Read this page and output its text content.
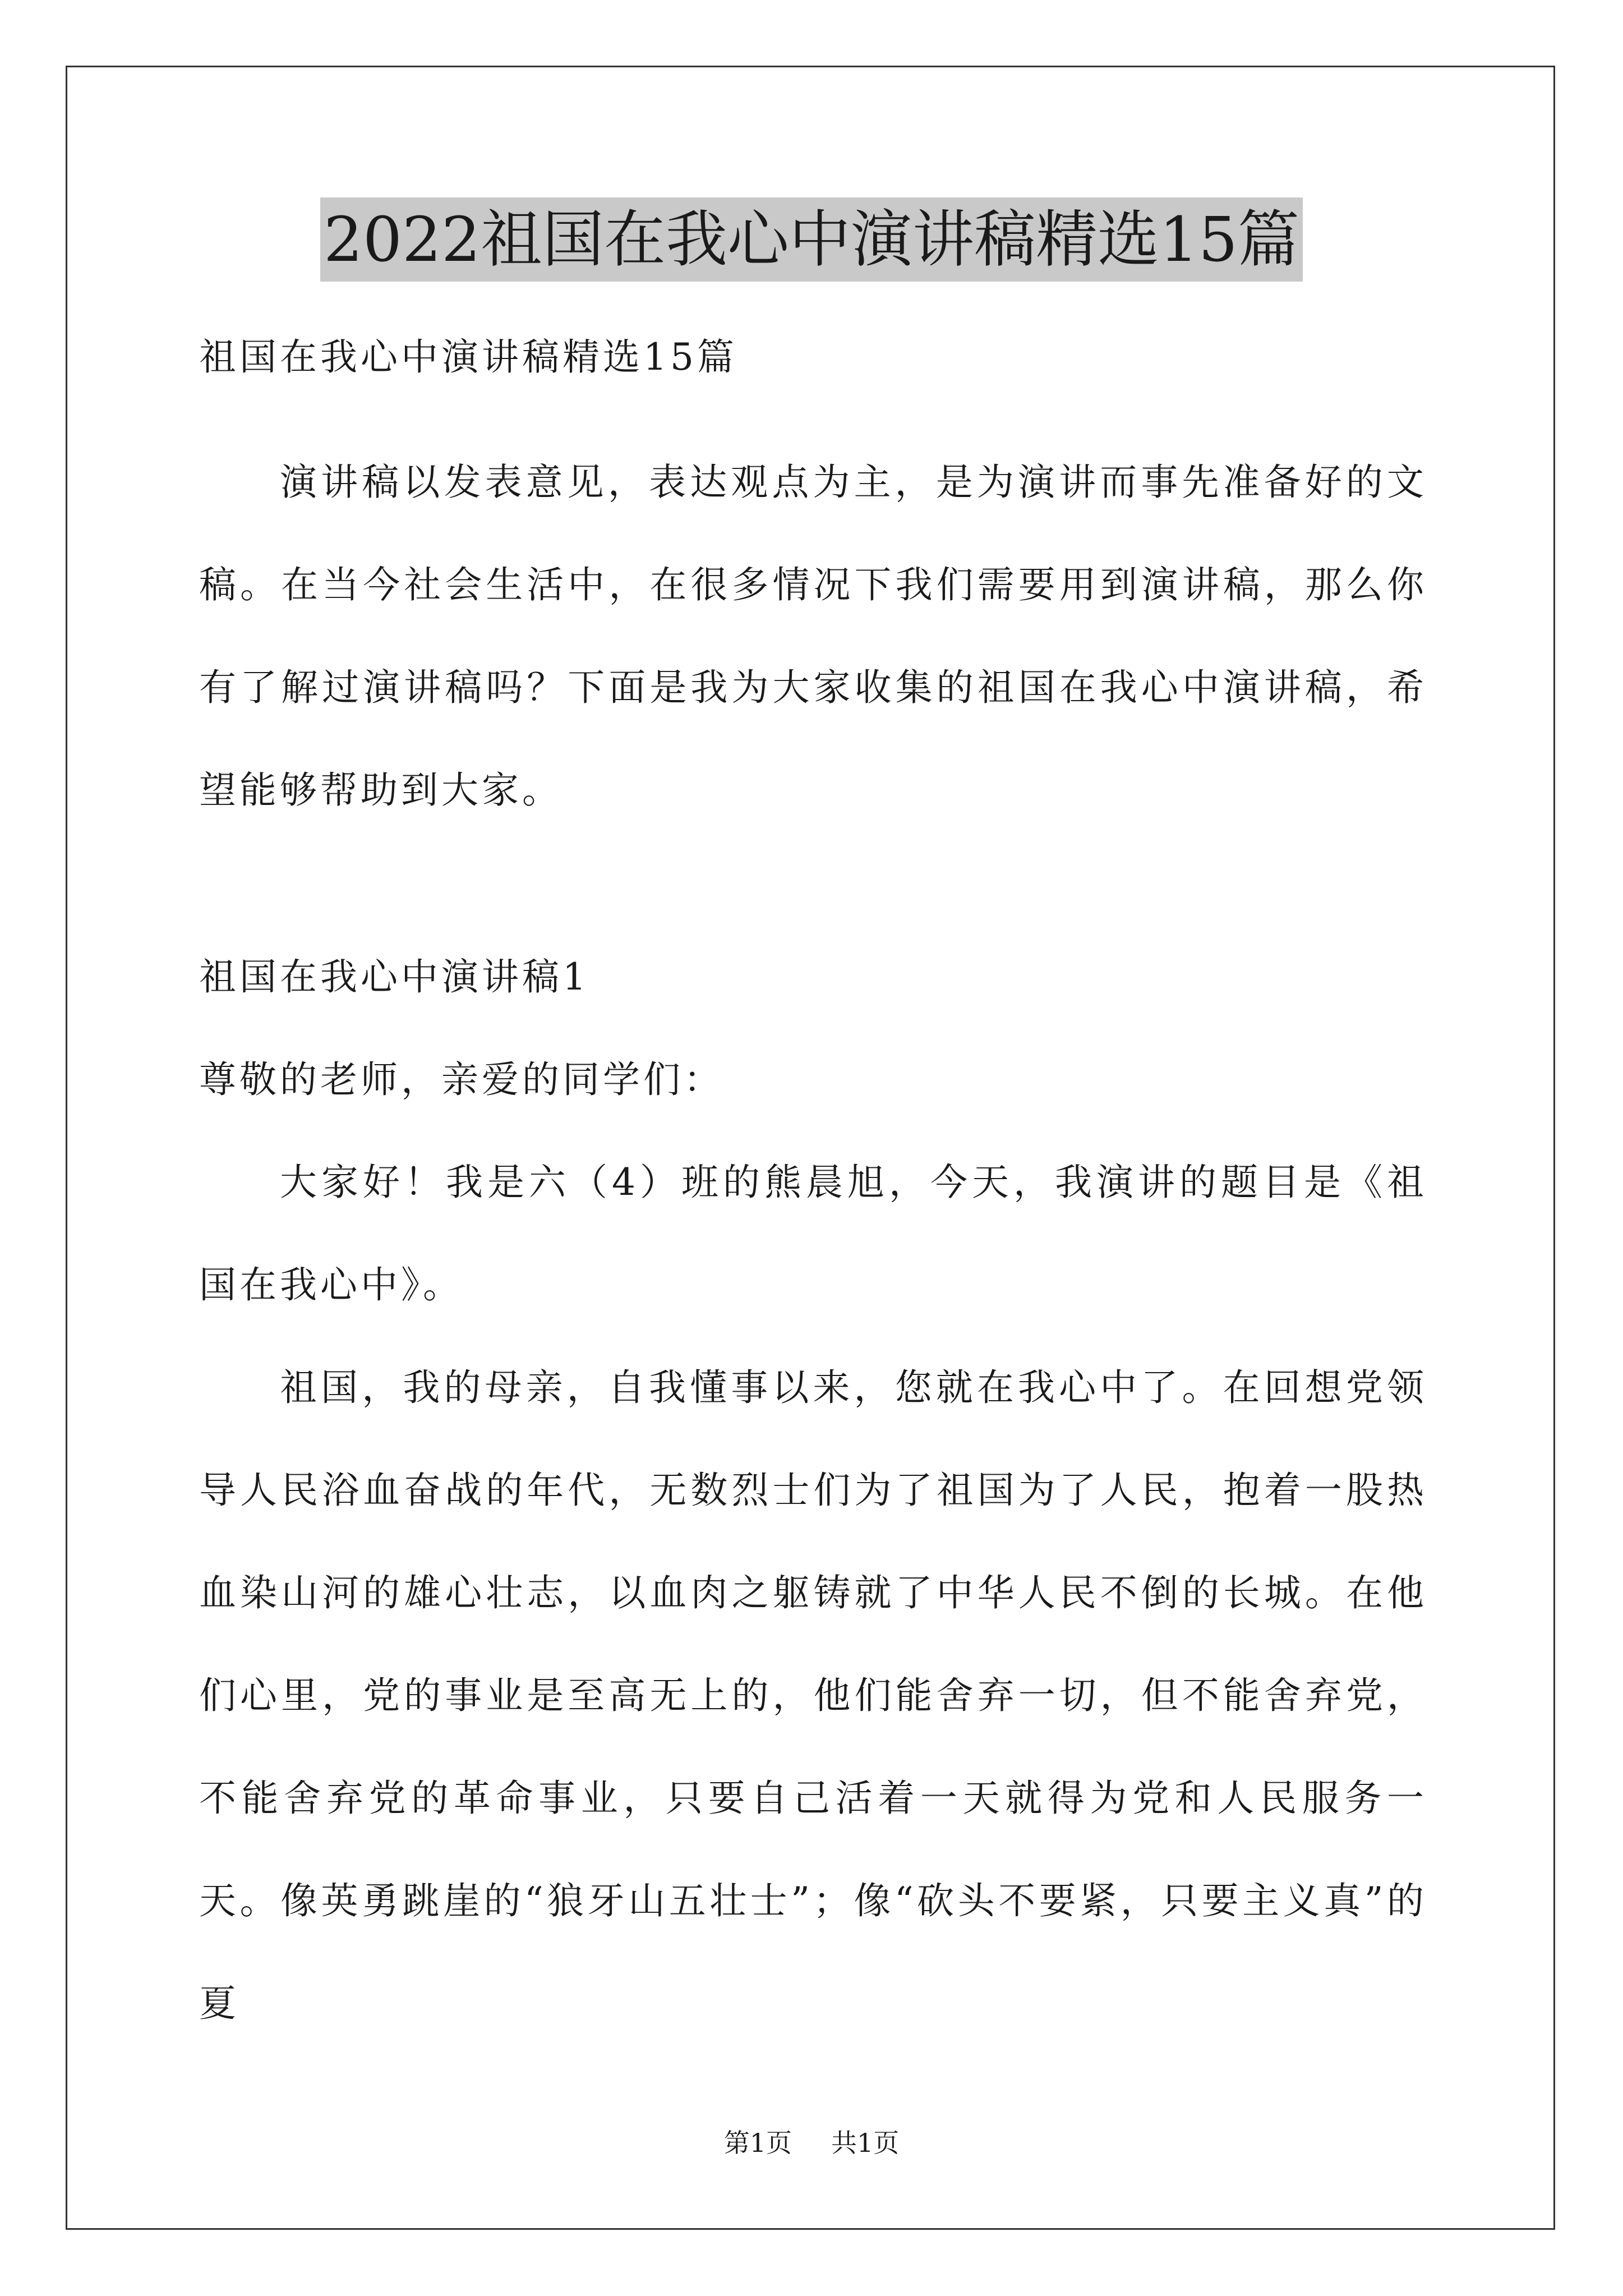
2022祖国在我心中演讲稿精选15篇

祖国在我心中演讲稿精选15篇

演讲稿以发表意见，表达观点为主，是为演讲而事先准备好的文稿。在当今社会生活中，在很多情况下我们需要用到演讲稿，那么你有了解过演讲稿吗？下面是我为大家收集的祖国在我心中演讲稿，希望能够帮助到大家。

祖国在我心中演讲稿1

尊敬的老师，亲爱的同学们：

大家好！我是六（4）班的熊晨旭，今天，我演讲的题目是《祖国在我心中》。

祖国，我的母亲，自我懂事以来，您就在我心中了。在回想党领导人民浴血奋战的年代，无数烈士们为了祖国为了人民，抱着一股热血染山河的雄心壮志，以血肉之躯铸就了中华人民不倒的长城。在他们心里，党的事业是至高无上的，他们能舍弃一切，但不能舍弃党，不能舍弃党的革命事业，只要自己活着一天就得为党和人民服务一天。像英勇跳崖的“狼牙山五壮士”；像“砍头不要紧，只要主义真”的夏

第1页 共1页
